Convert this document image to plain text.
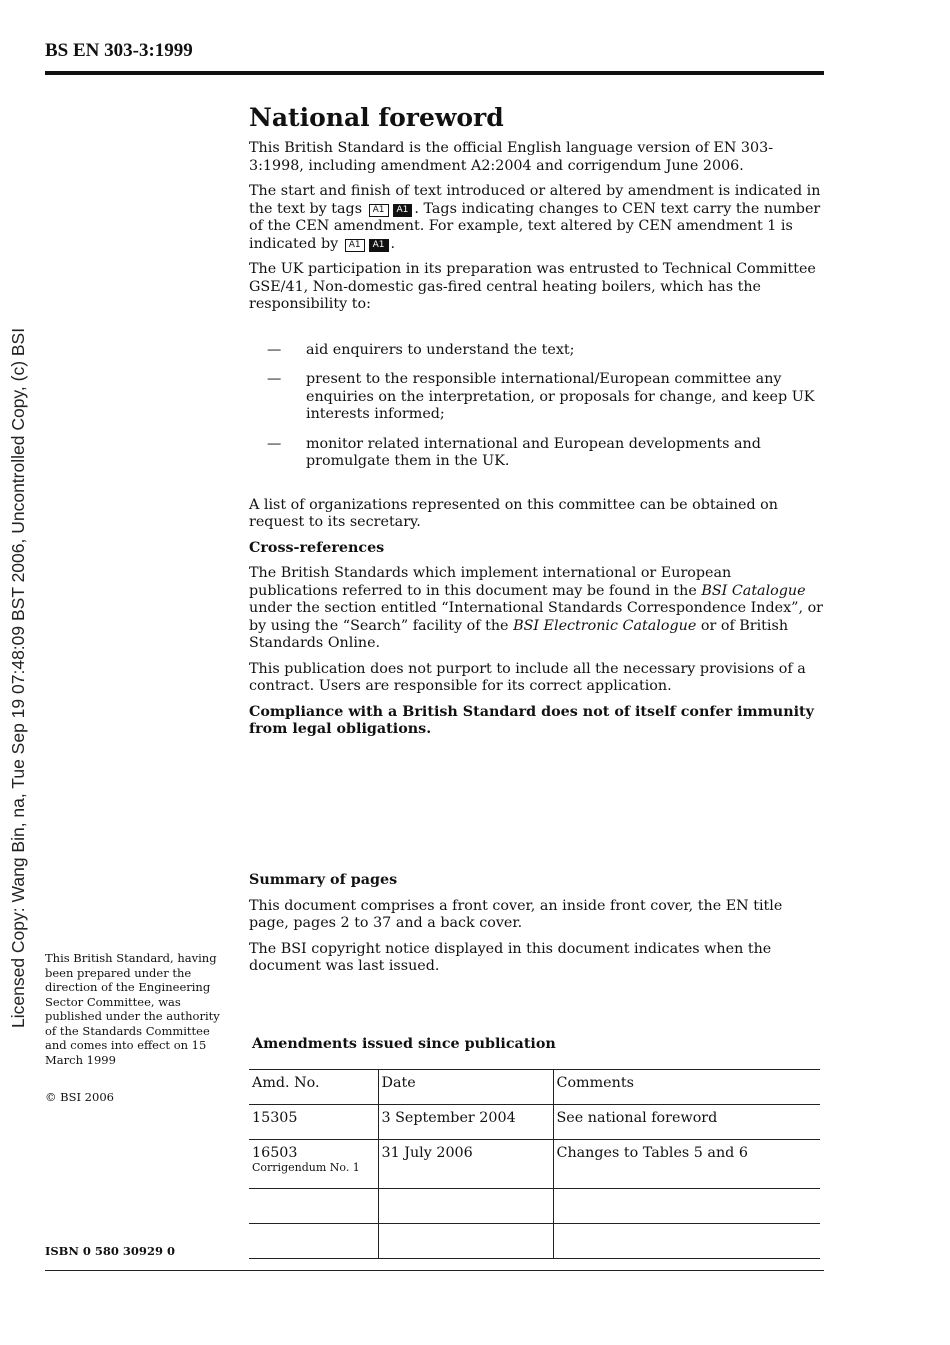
BS EN 303-3:1999
Licensed Copy: Wang Bin, na, Tue Sep 19 07:48:09 BST 2006, Uncontrolled Copy, (c) BSI
National foreword

This British Standard is the official English language version of EN 303-3:1998, including amendment A2:2004 and corrigendum June 2006.

The start and finish of text introduced or altered by amendment is indicated in the text by tags A1 A1 . Tags indicating changes to CEN text carry the number of the CEN amendment. For example, text altered by CEN amendment 1 is indicated by A1 A1 .

The UK participation in its preparation was entrusted to Technical Committee GSE/41, Non-domestic gas-fired central heating boilers, which has the responsibility to:

— aid enquirers to understand the text;
— present to the responsible international/European committee any enquiries on the interpretation, or proposals for change, and keep UK interests informed;
— monitor related international and European developments and promulgate them in the UK.

A list of organizations represented on this committee can be obtained on request to its secretary.

Cross-references

The British Standards which implement international or European publications referred to in this document may be found in the BSI Catalogue under the section entitled “International Standards Correspondence Index”, or by using the “Search” facility of the BSI Electronic Catalogue or of British Standards Online.

This publication does not purport to include all the necessary provisions of a contract. Users are responsible for its correct application.

Compliance with a British Standard does not of itself confer immunity from legal obligations.

Summary of pages

This document comprises a front cover, an inside front cover, the EN title page, pages 2 to 37 and a back cover.

The BSI copyright notice displayed in this document indicates when the document was last issued.

This British Standard, having been prepared under the direction of the Engineering Sector Committee, was published under the authority of the Standards Committee and comes into effect on 15 March 1999
© BSI 2006
ISBN 0 580 30929 0
Amendments issued since publication
Amd. No.	Date	Comments
15305	3 September 2004	See national foreword
16503
Corrigendum No. 1	31 July 2006	Changes to Tables 5 and 6
